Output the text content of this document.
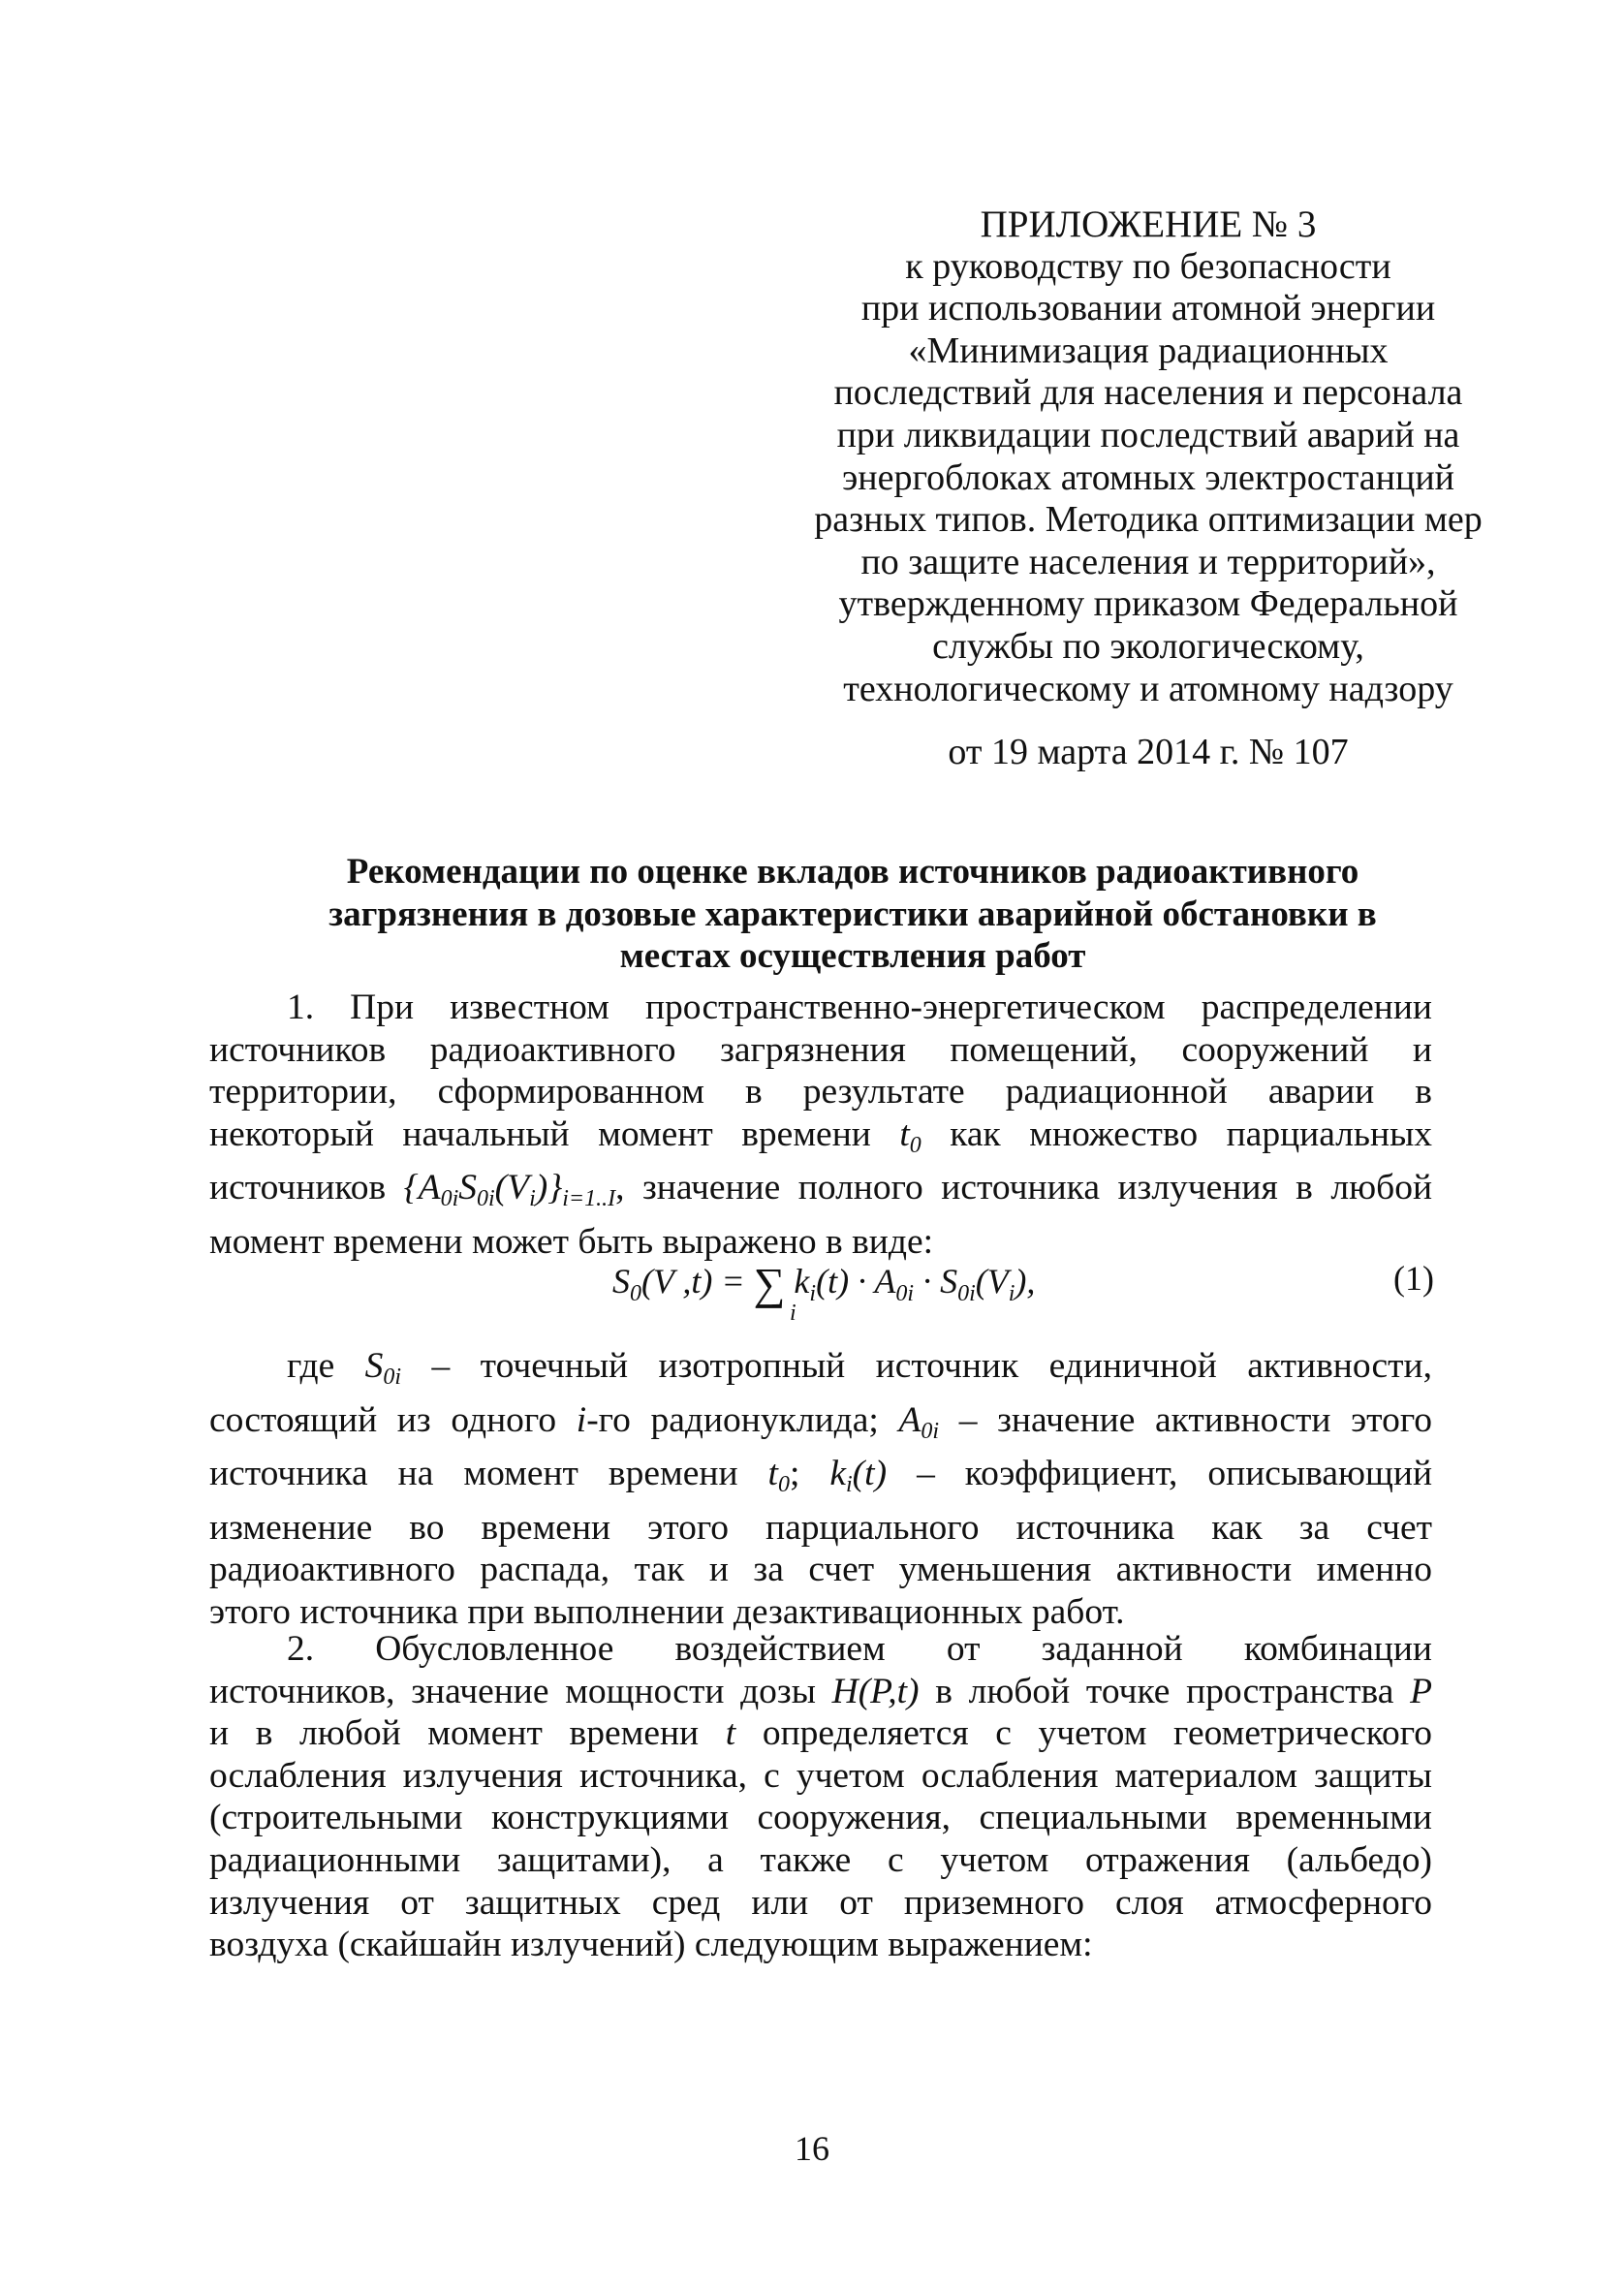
ПРИЛОЖЕНИЕ № 3
к руководству по безопасности
при использовании атомной энергии
«Минимизация радиационных
последствий для населения и персонала
при ликвидации последствий аварий на
энергоблоках атомных электростанций
разных типов. Методика оптимизации мер
по защите населения и территорий»,
утвержденному приказом Федеральной
службы по экологическому,
технологическому и атомному надзору
от 19 марта 2014 г. № 107
Рекомендации по оценке вкладов источников радиоактивного
загрязнения в дозовые характеристики аварийной обстановки в
местах осуществления работ
1. При известном пространственно-энергетическом распределении
источников радиоактивного загрязнения помещений, сооружений и
территории, сформированном в результате радиационной аварии в
некоторый начальный момент времени t0 как множество парциальных
источников {A0iS0i(Vi)}i=1..I, значение полного источника излучения в любой
момент времени может быть выражено в виде:
$S_0(V$ ,t) = ∑ $k_i(t) \cdot A_{0i} \cdot S_{0i}(V_i)$,
i
(1)
где S0i – точечный изотропный источник единичной активности,
состоящий из одного i-го радионуклида; A0i – значение активности этого
источника на момент времени t0; ki(t) – коэффициент, описывающий
изменение во времени этого парциального источника как за счет
радиоактивного распада, так и за счет уменьшения активности именно
этого источника при выполнении дезактивационных работ.
2. Обусловленное воздействием от заданной комбинации
источников, значение мощности дозы H(P,t) в любой точке пространства P
и в любой момент времени t определяется с учетом геометрического
ослабления излучения источника, с учетом ослабления материалом защиты
(строительными конструкциями сооружения, специальными временными
радиационными защитами), а также с учетом отражения (альбедо)
излучения от защитных сред или от приземного слоя атмосферного
воздуха (скайшайн излучений) следующим выражением:
16
